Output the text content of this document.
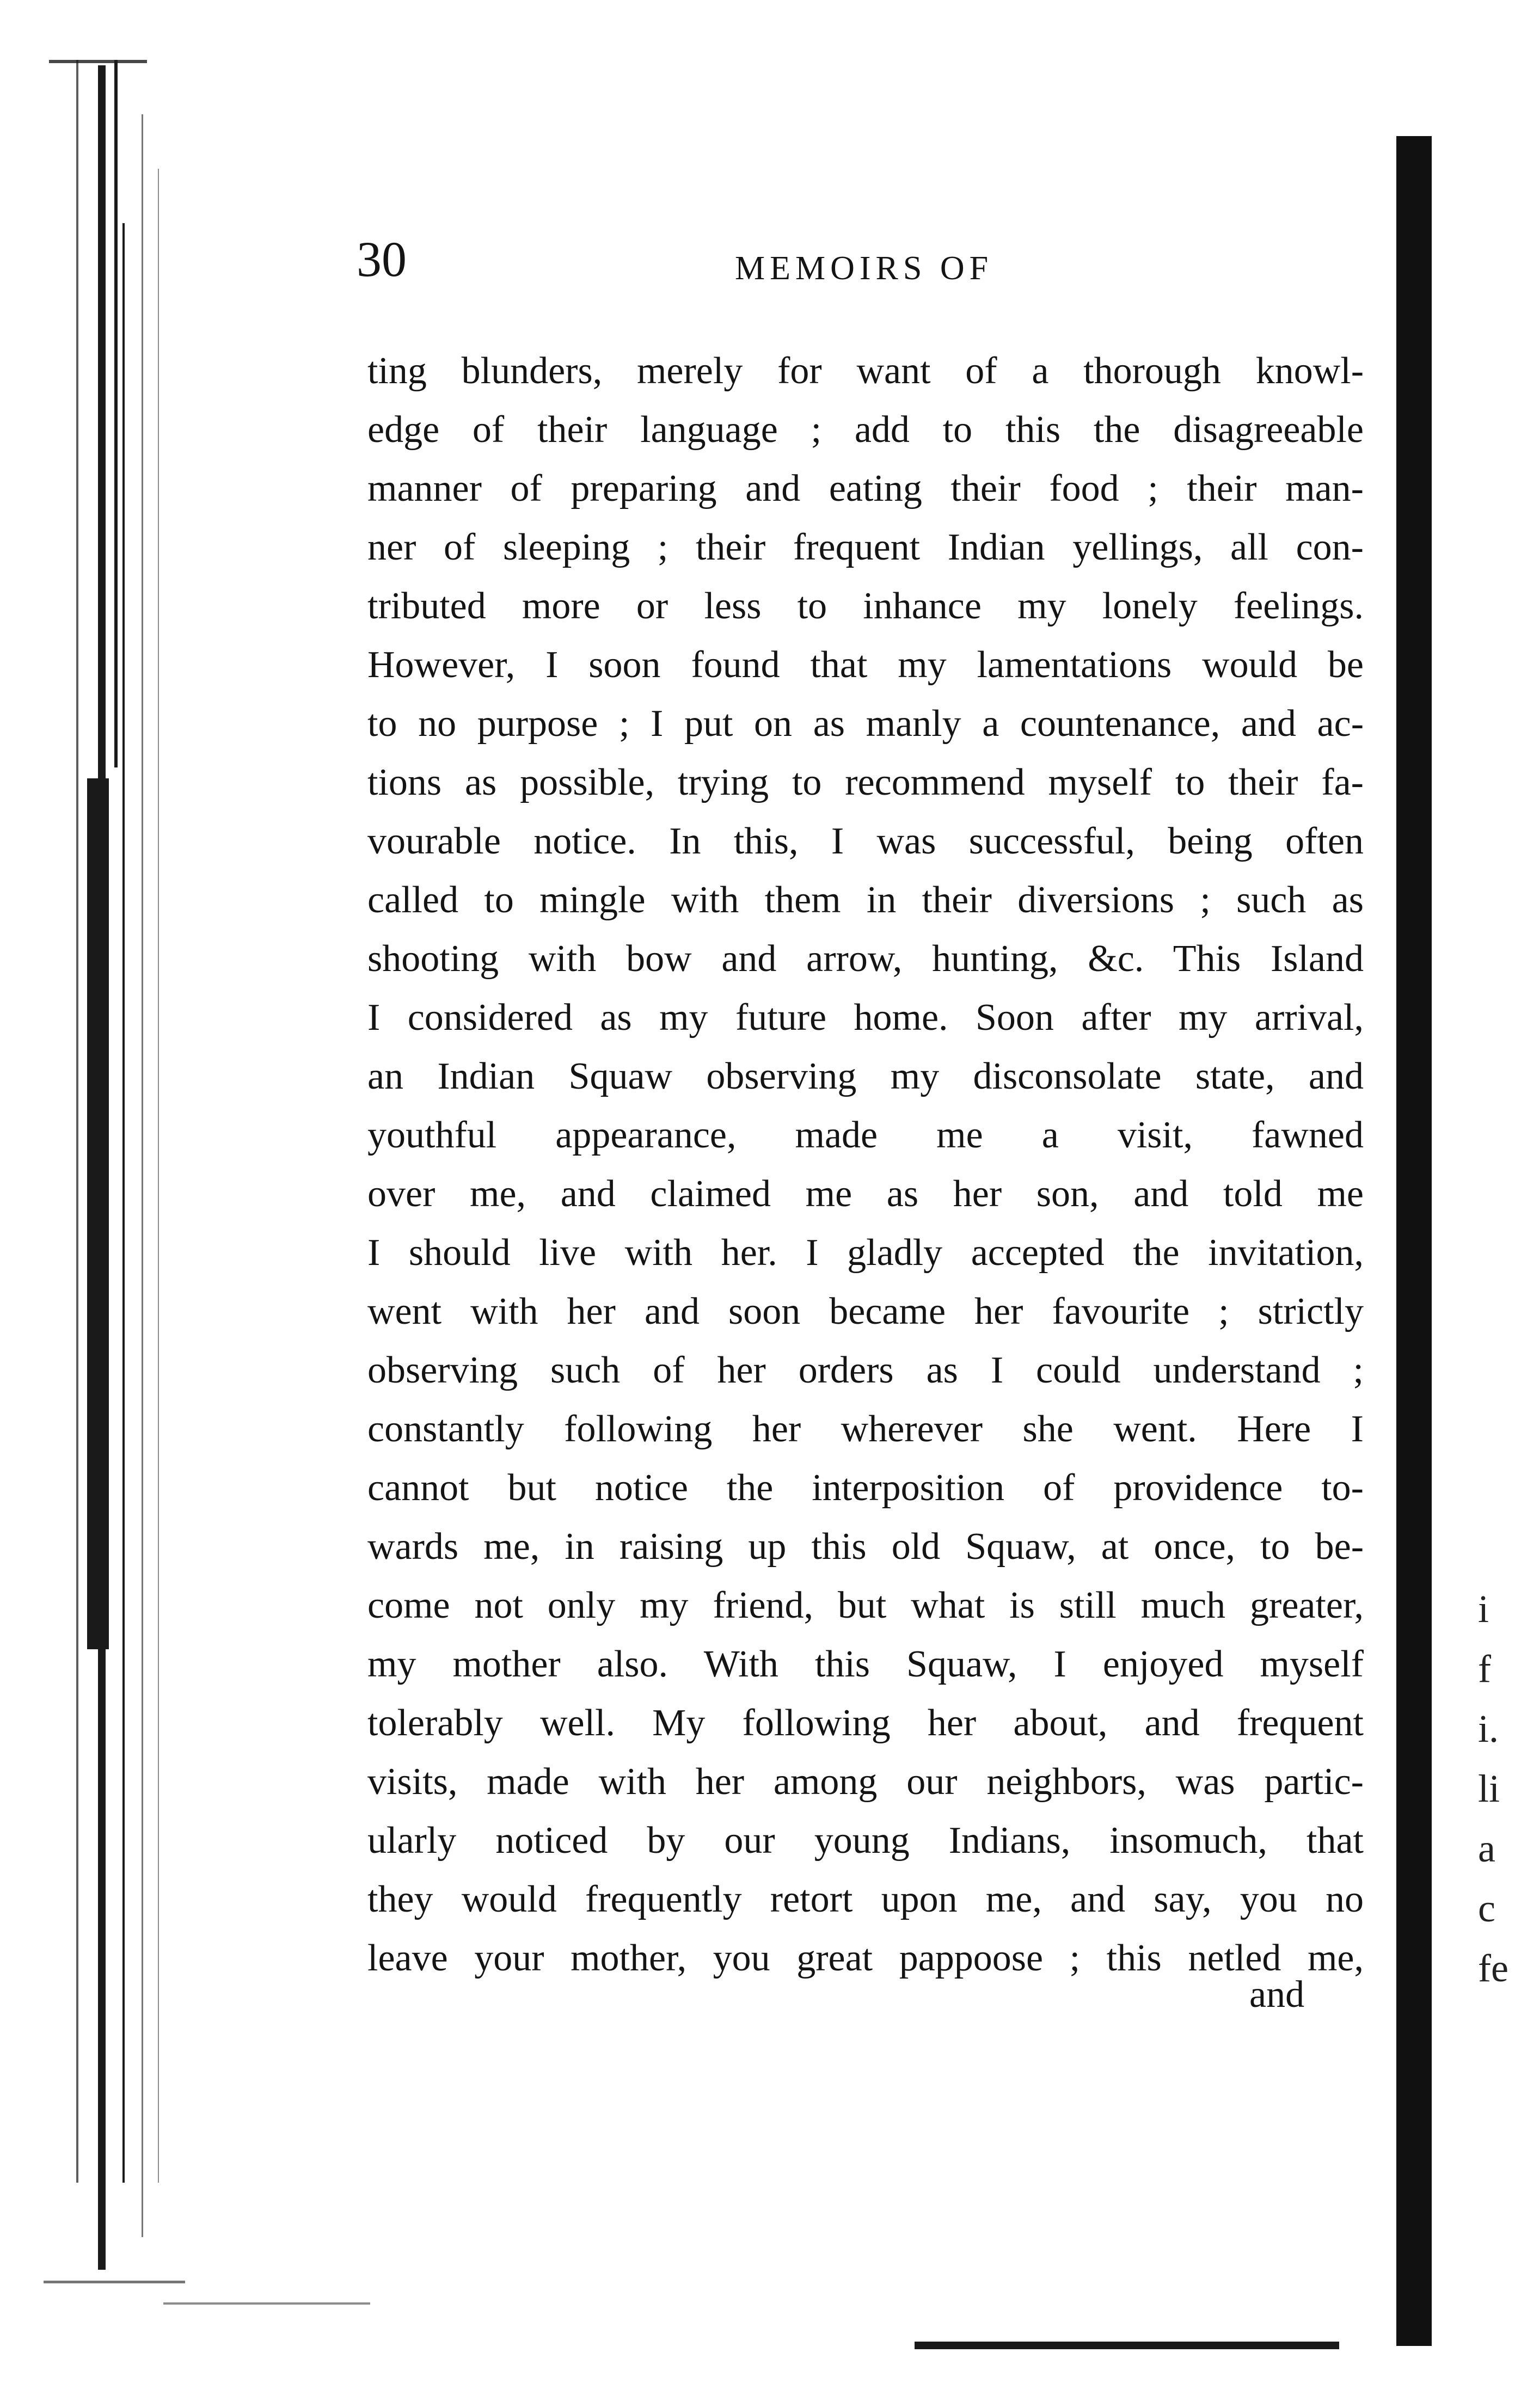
i
f
i.
li
a
c
fe
30	MEMOIRS OF
ting blunders, merely for want of a thorough knowl-
edge of their language ; add to this the disagreeable
manner of preparing and eating their food ; their man-
ner of sleeping ; their frequent Indian yellings, all con-
tributed more or less to inhance my lonely feelings.
However, I soon found that my lamentations would be
to no purpose ; I put on as manly a countenance, and ac-
tions as possible, trying to recommend myself to their fa-
vourable notice. In this, I was successful, being often
called to mingle with them in their diversions ; such as
shooting with bow and arrow, hunting, &c. This Island
I considered as my future home. Soon after my arrival,
an Indian Squaw observing my disconsolate state, and
youthful appearance, made me a visit, fawned
over me, and claimed me as her son, and told me
I should live with her. I gladly accepted the invitation,
went with her and soon became her favourite ; strictly
observing such of her orders as I could understand ;
constantly following her wherever she went. Here I
cannot but notice the interposition of providence to-
wards me, in raising up this old Squaw, at once, to be-
come not only my friend, but what is still much greater,
my mother also. With this Squaw, I enjoyed myself
tolerably well. My following her about, and frequent
visits, made with her among our neighbors, was partic-
ularly noticed by our young Indians, insomuch, that
they would frequently retort upon me, and say, you no
leave your mother, you great pappoose ; this netled me,
and
